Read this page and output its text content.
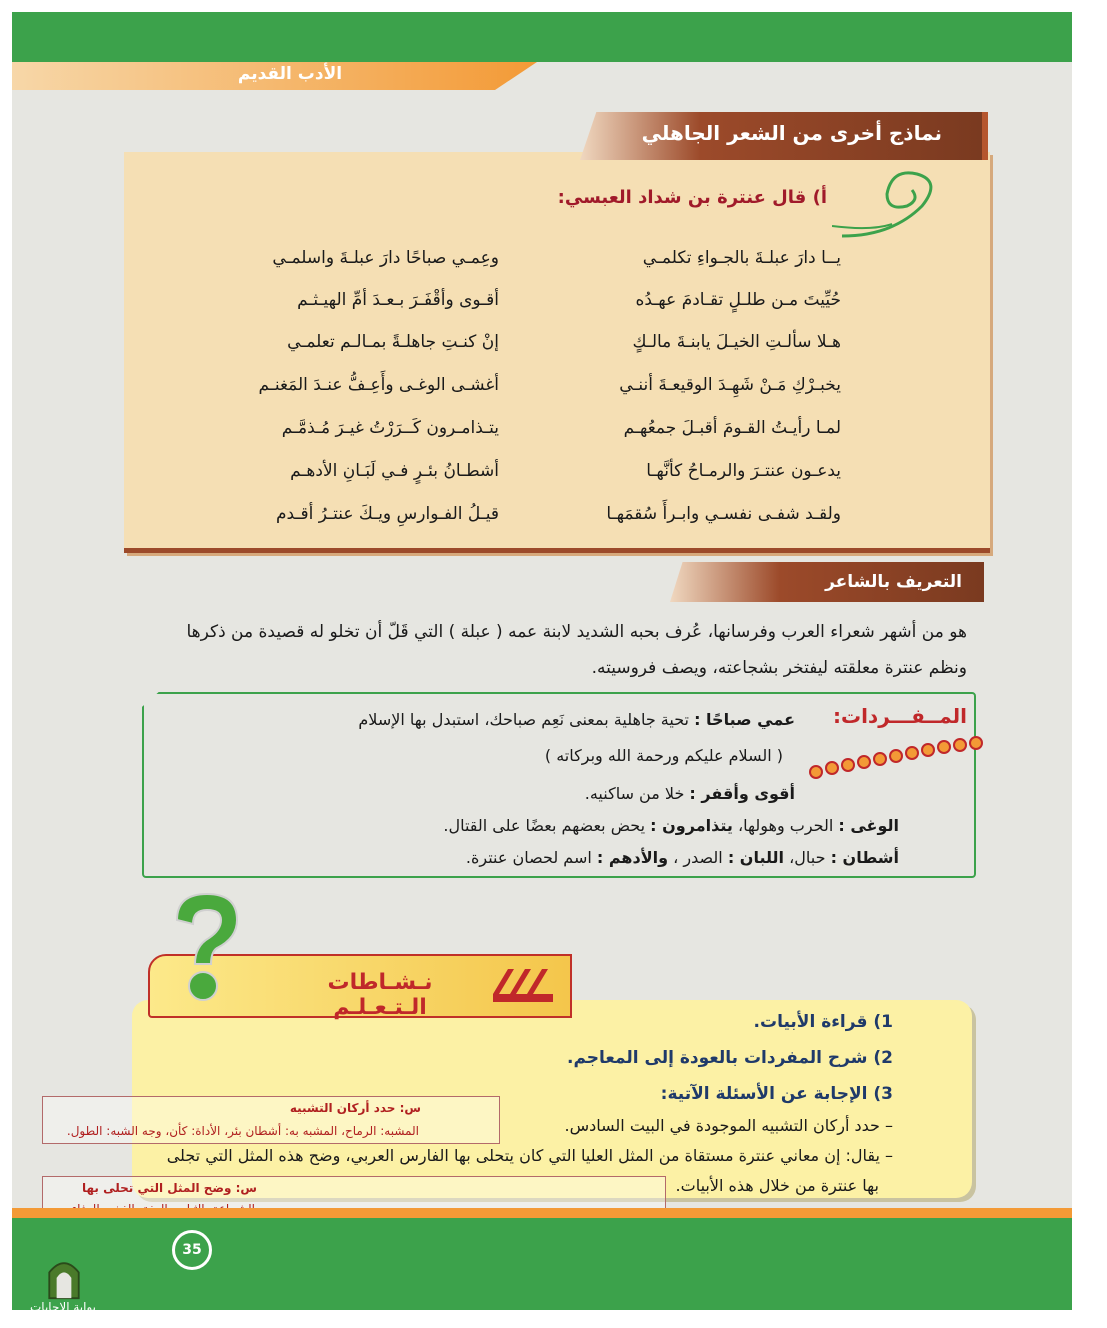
الأدب القديم
نماذج أخرى من الشعر الجاهلي
أ) قال عنترة بن شداد العبسي:
يــا دارَ عبلـةَ بالجـواءِ تكلمـي
وعِمـي صباحًا دارَ عبلـةَ واسلمـي
حُيِّيتَ مـن طلـلٍ تقـادمَ عهـدُه
أقـوى وأقْفَـرَ بـعـدَ أمِّ الهيـثـم
هـلا سألـتِ الخيـلَ يابنـةَ مالـكٍ
إنْ كنـتِ جاهلـةً بمـالـم تعلمـي
يخبـرْكِ مَـنْ شَهِـدَ الوقيعـةَ أننـي
أغشـى الوغـى وأَعِـفُّ عنـدَ المَغنـم
لمـا رأيـتُ القـومَ أقبـلَ جمعُهـم
يتـذامـرون كَــرَرْتُ غيـرَ مُـذمَّـم
يدعـون عنتـرَ والرمـاحُ كأنَّهـا
أشطـانُ بئـرٍ فـي لَبَـانِ الأدهـم
ولقـد شفـى نفسـي وابـرأَ سُقمَهـا
قيـلُ الفـوارسِ ويـكَ عنتـرُ أقـدم
التعريف بالشاعر
هو من أشهر شعراء العرب وفرسانها، عُرف بحبه الشديد لابنة عمه ( عبلة ) التي قَلّ أن تخلو له قصيدة من ذكرها
ونظم عنترة معلقته ليفتخر بشجاعته، ويصف فروسيته.
المــفـــردات:
عمي صباحًا : تحية جاهلية بمعنى نَعِم صباحك، استبدل بها الإسلام
( السلام عليكم ورحمة الله وبركاته )
أقوى وأقفر : خلا من ساكنيه.
الوغى : الحرب وهولها، يتذامرون : يحض بعضهم بعضًا على القتال.
أشطان : حبال، اللبان : الصدر ، والأدهم : اسم لحصان عنترة.
نـشـاطات الـتـعـلـم
1) قراءة الأبيات.
2) شرح المفردات بالعودة إلى المعاجم.
3) الإجابة عن الأسئلة الآتية:
– حدد أركان التشبيه الموجودة في البيت السادس.
– يقال: إن معاني عنترة مستقاة من المثل العليا التي كان يتحلى بها الفارس العربي، وضح هذه المثل التي تجلى
بها عنترة من خلال هذه الأبيات.
س: حدد أركان التشبيه
المشبه: الرماح، المشبه به: أشطان بئر، الأداة: كأن، وجه الشبه: الطول.
س: وضح المثل التي تحلى بها
35
بوابة الإجابات
